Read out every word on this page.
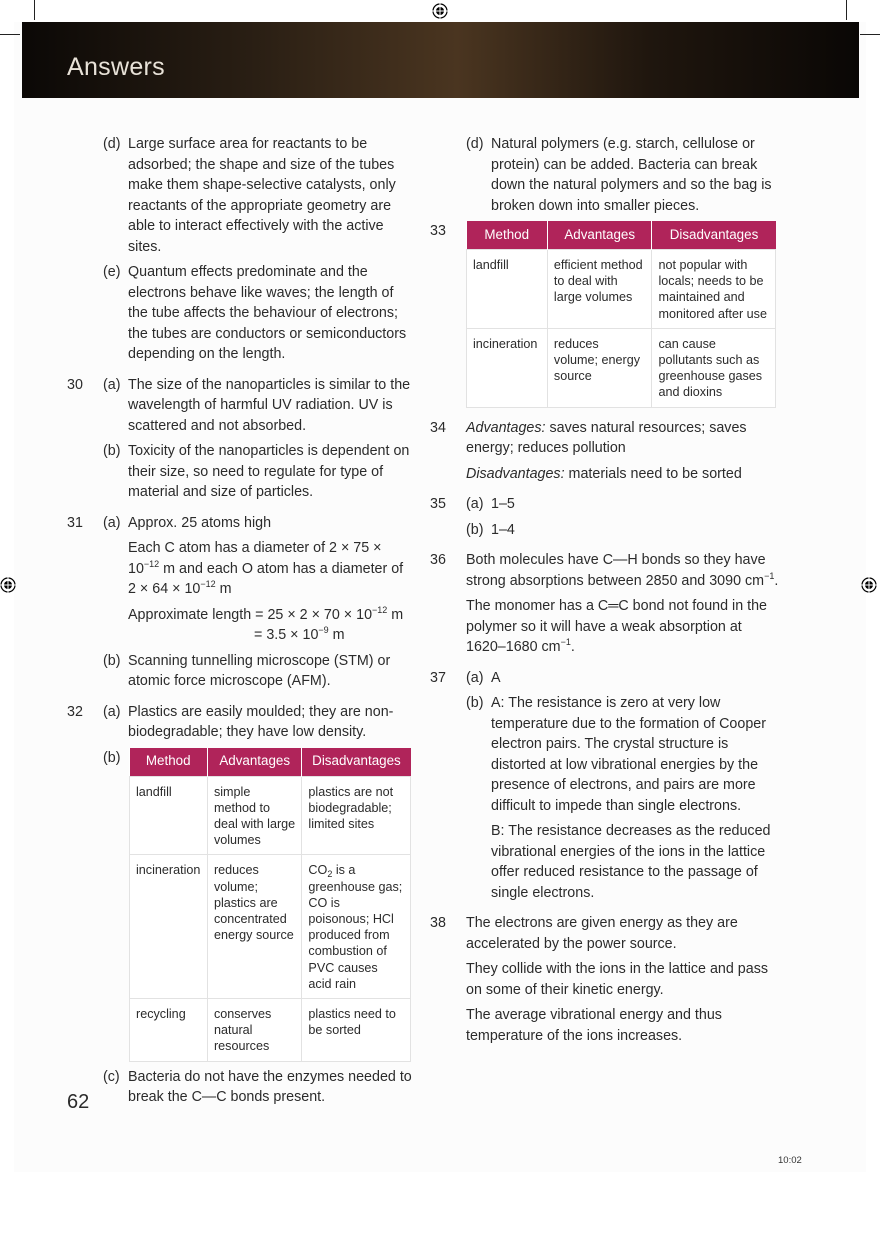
Answers
(d) Large surface area for reactants to be adsorbed; the shape and size of the tubes make them shape-selective catalysts, only reactants of the appropriate geometry are able to interact effectively with the active sites.
(e) Quantum effects predominate and the electrons behave like waves; the length of the tube affects the behaviour of electrons; the tubes are conductors or semiconductors depending on the length.
30 (a) The size of the nanoparticles is similar to the wavelength of harmful UV radiation. UV is scattered and not absorbed.
(b) Toxicity of the nanoparticles is dependent on their size, so need to regulate for type of material and size of particles.
31 (a) Approx. 25 atoms high
Each C atom has a diameter of 2 × 75 ×
$10^{-12}$ m and each O atom has a diameter of
$2 \times 64 \times 10^{-12}$ m
Approximate length = $25 \times 2 \times 70 \times 10^{-12}$ m
= $3.5 \times 10^{-9}$ m
(b) Scanning tunnelling microscope (STM) or atomic force microscope (AFM).
32 (a) Plastics are easily moulded; they are non-biodegradable; they have low density.
(b) Method	Advantages	Disadvantages
landfill	simple method to deal with large volumes	plastics are not biodegradable; limited sites
incineration	reduces volume; plastics are concentrated energy source	$CO_2$ is a greenhouse gas; CO is poisonous; HCl produced from combustion of PVC causes acid rain
recycling	conserves natural resources	plastics need to be sorted
(c) Bacteria do not have the enzymes needed to break the C—C bonds present.
(d) Natural polymers (e.g. starch, cellulose or protein) can be added. Bacteria can break down the natural polymers and so the bag is broken down into smaller pieces.
33	Method	Advantages	Disadvantages
landfill	efficient method to deal with large volumes	not popular with locals; needs to be maintained and monitored after use
incineration	reduces volume; energy source	can cause pollutants such as greenhouse gases and dioxins
34 Advantages: saves natural resources; saves energy; reduces pollution
Disadvantages: materials need to be sorted
35 (a) 1–5
(b) 1–4
36 Both molecules have C—H bonds so they have strong absorptions between 2850 and 3090 $cm^{-1}$.
The monomer has a C═C bond not found in the polymer so it will have a weak absorption at 1620–1680 $cm^{-1}$.
37 (a) A
(b) A: The resistance is zero at very low temperature due to the formation of Cooper electron pairs. The crystal structure is distorted at low vibrational energies by the presence of electrons, and pairs are more difficult to impede than single electrons.
B: The resistance decreases as the reduced vibrational energies of the ions in the lattice offer reduced resistance to the passage of single electrons.
38 The electrons are given energy as they are accelerated by the power source.
They collide with the ions in the lattice and pass on some of their kinetic energy.
The average vibrational energy and thus temperature of the ions increases.
62
10:02
